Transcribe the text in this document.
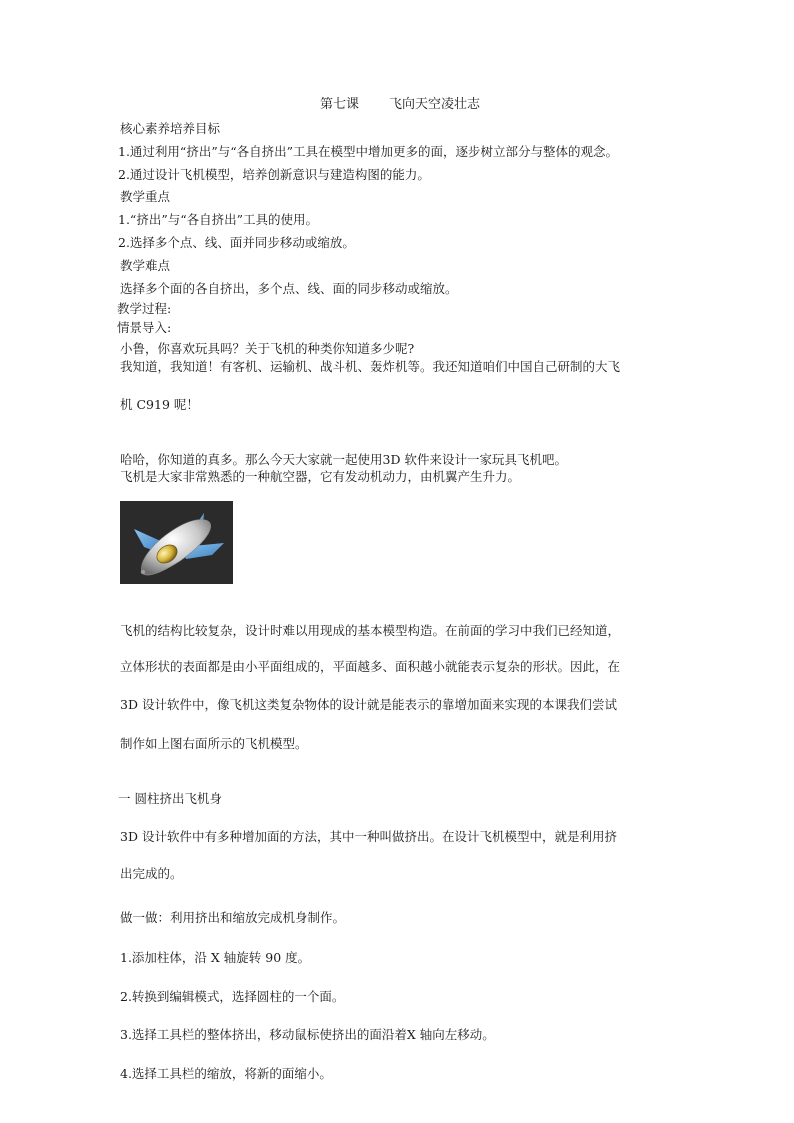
第七课 飞向天空凌壮志
核心素养培养目标
1.通过利用“挤出”与“各自挤出”工具在模型中增加更多的面，逐步树立部分与整体的观念。
2.通过设计飞机模型，培养创新意识与建造构图的能力。
教学重点
1.“挤出”与“各自挤出”工具的使用。
2.选择多个点、线、面并同步移动或缩放。
教学难点
选择多个面的各自挤出，多个点、线、面的同步移动或缩放。
教学过程:
情景导入:
小鲁，你喜欢玩具吗？关于飞机的种类你知道多少呢?
我知道，我知道！有客机、运输机、战斗机、轰炸机等。我还知道咱们中国自己研制的大飞
机 C919 呢！
哈哈，你知道的真多。那么今天大家就一起使用3D 软件来设计一家玩具飞机吧。
飞机是大家非常熟悉的一种航空器，它有发动机动力，由机翼产生升力。
飞机的结构比较复杂，设计时难以用现成的基本模型构造。在前面的学习中我们已经知道，
立体形状的表面都是由小平面组成的，平面越多、面积越小就能表示复杂的形状。因此，在
3D 设计软件中，像飞机这类复杂物体的设计就是能表示的靠增加面来实现的本课我们尝试
制作如上图右面所示的飞机模型。
一 圆柱挤出飞机身
3D 设计软件中有多种增加面的方法，其中一种叫做挤出。在设计飞机模型中，就是利用挤
出完成的。
做一做：利用挤出和缩放完成机身制作。
1.添加柱体，沿 X 轴旋转 90 度。
2.转换到编辑模式，选择圆柱的一个面。
3.选择工具栏的整体挤出，移动鼠标使挤出的面沿着X 轴向左移动。
4.选择工具栏的缩放，将新的面缩小。
